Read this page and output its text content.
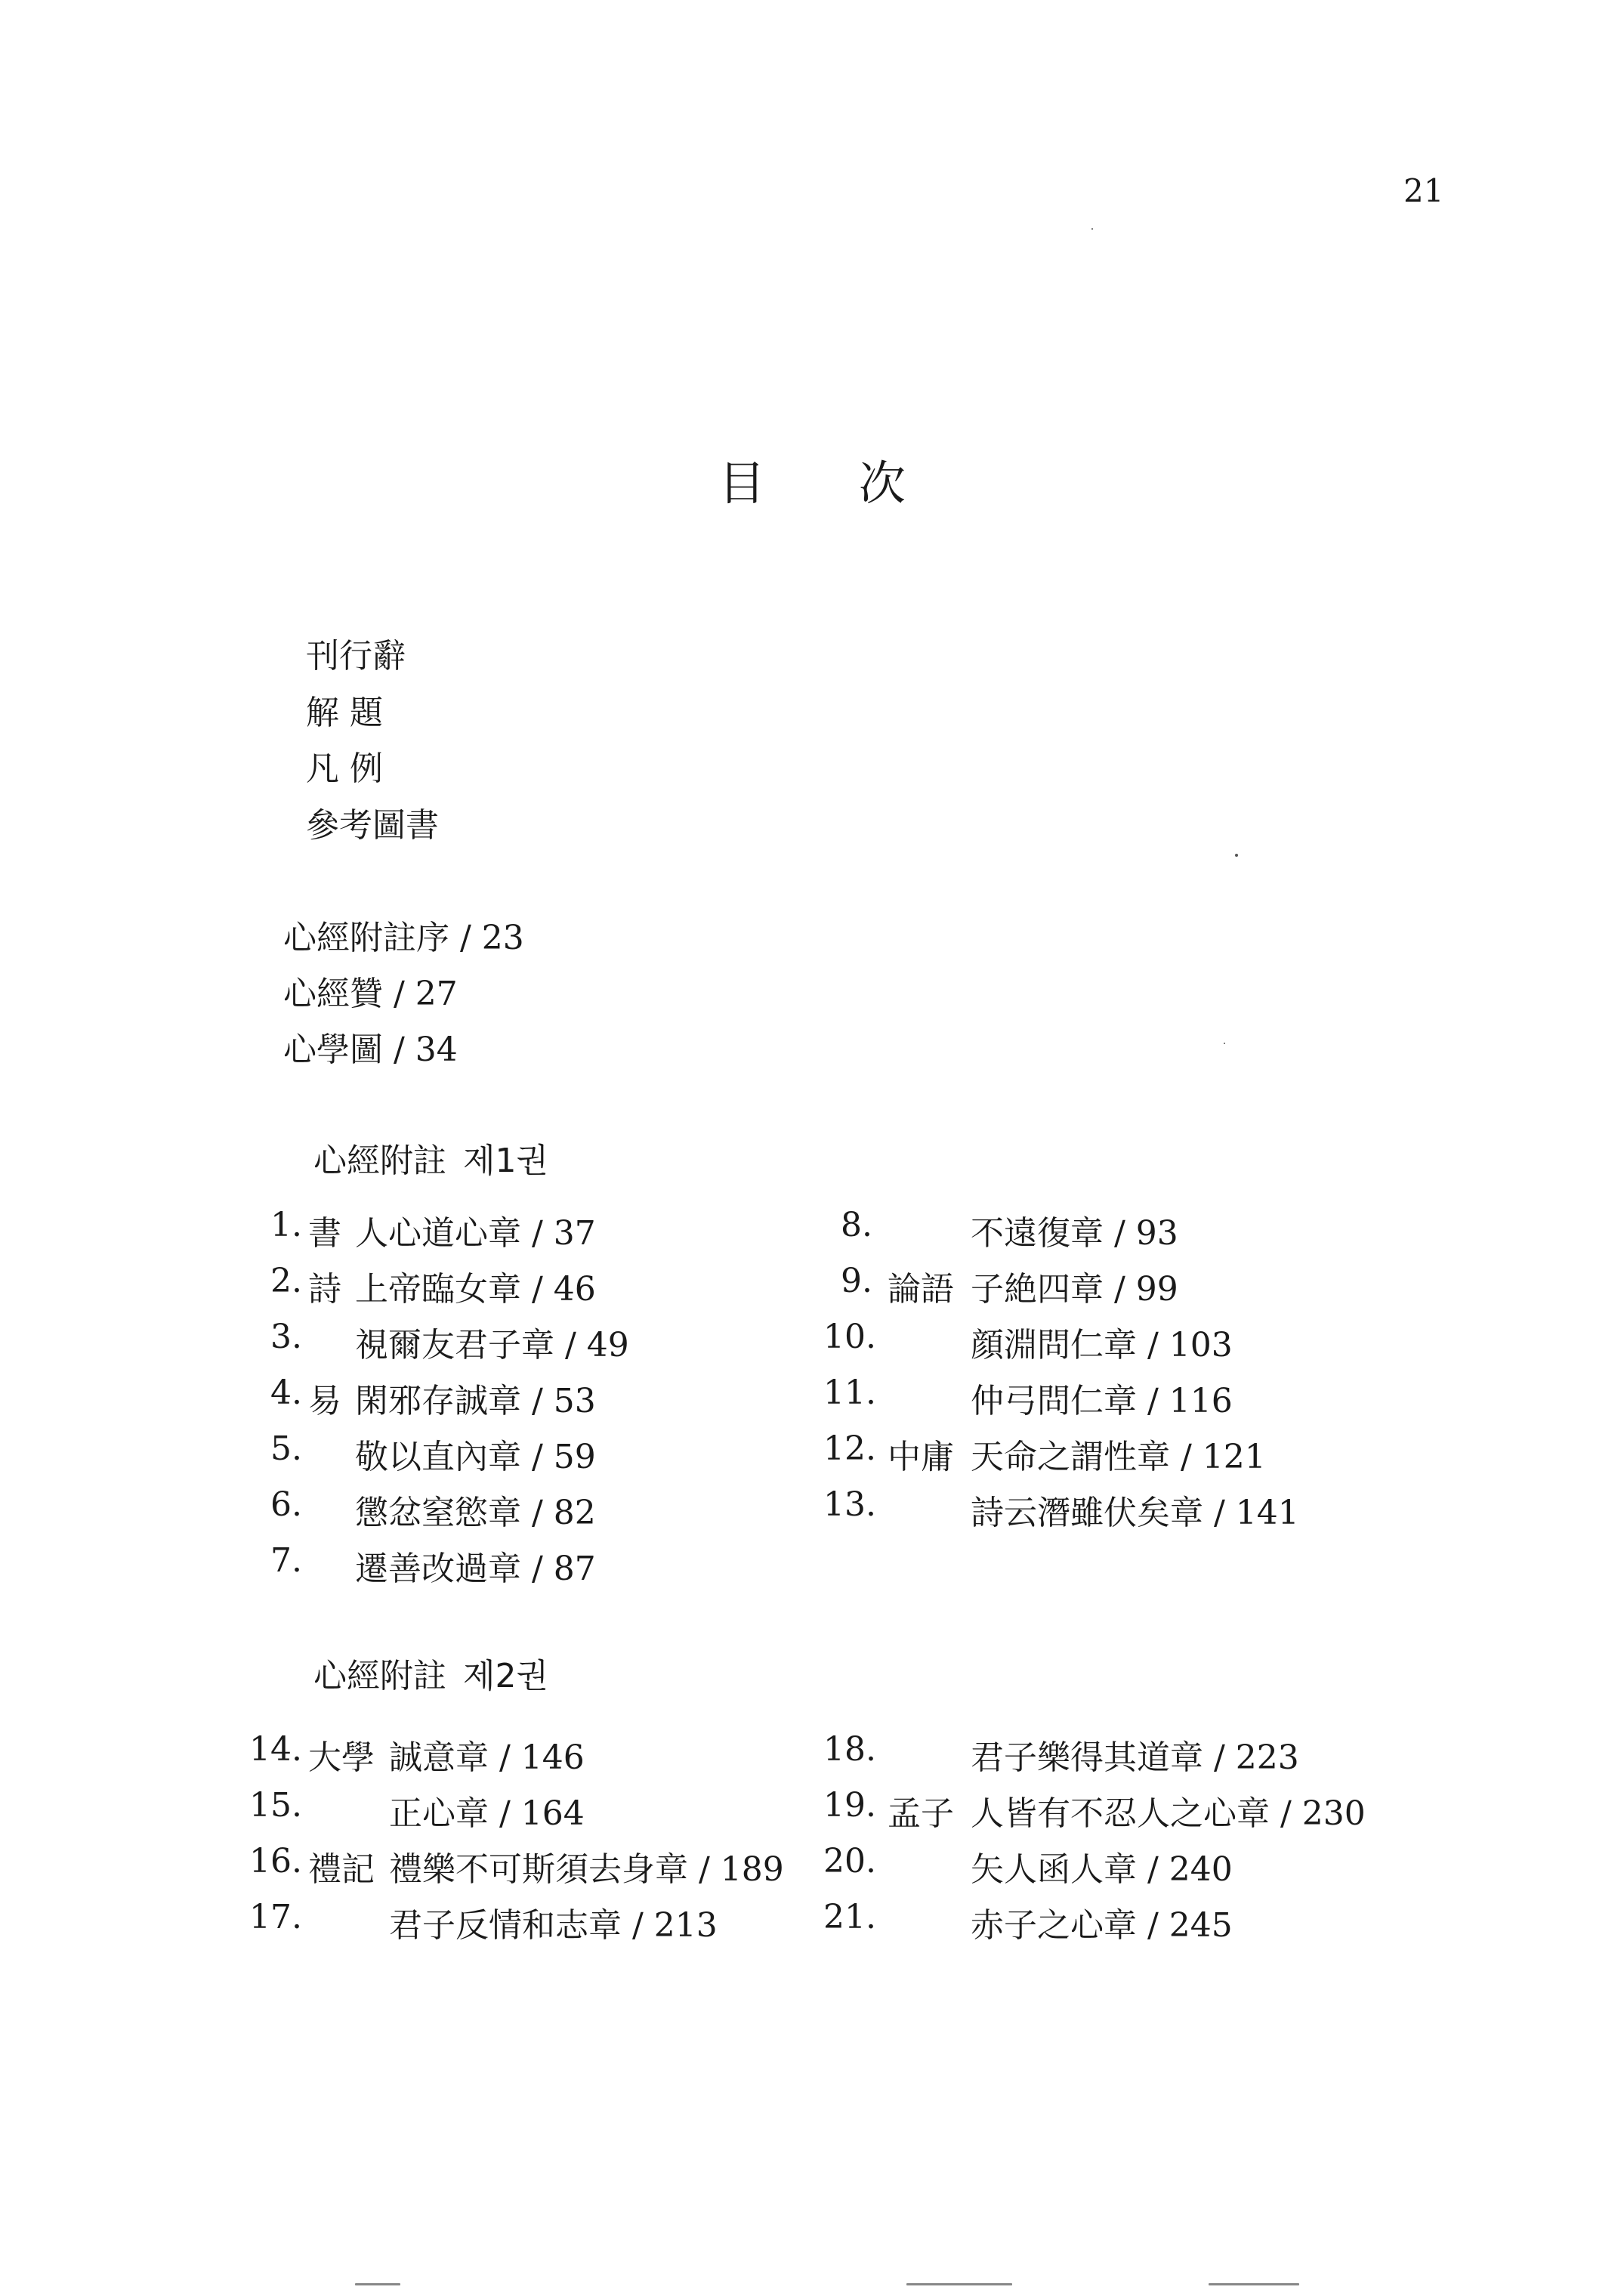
21
目 次
刊行辭
解 題
凡 例
參考圖書
心經附註序 / 23
心經贊 / 27
心學圖 / 34
心經附註 제1권
1. 書 人心道心章 / 37
2. 詩 上帝臨女章 / 46
3. 視爾友君子章 / 49
4. 易 閑邪存誠章 / 53
5. 敬以直內章 / 59
6. 懲忿窒慾章 / 82
7. 遷善改過章 / 87
8.	不遠復章 / 93
9. 論語 子絶四章 / 99
10.	顔淵問仁章 / 103
11.	仲弓問仁章 / 116
12. 中庸 天命之謂性章 / 121
13.	詩云潛雖伏矣章 / 141
心經附註 제2권
14. 大學 誠意章 / 146
15.	正心章 / 164
16. 禮記 禮樂不可斯須去身章 / 189
17.	君子反情和志章 / 213
18.	君子樂得其道章 / 223
19. 孟子 人皆有不忍人之心章 / 230
20.	矢人函人章 / 240
21.	赤子之心章 / 245
